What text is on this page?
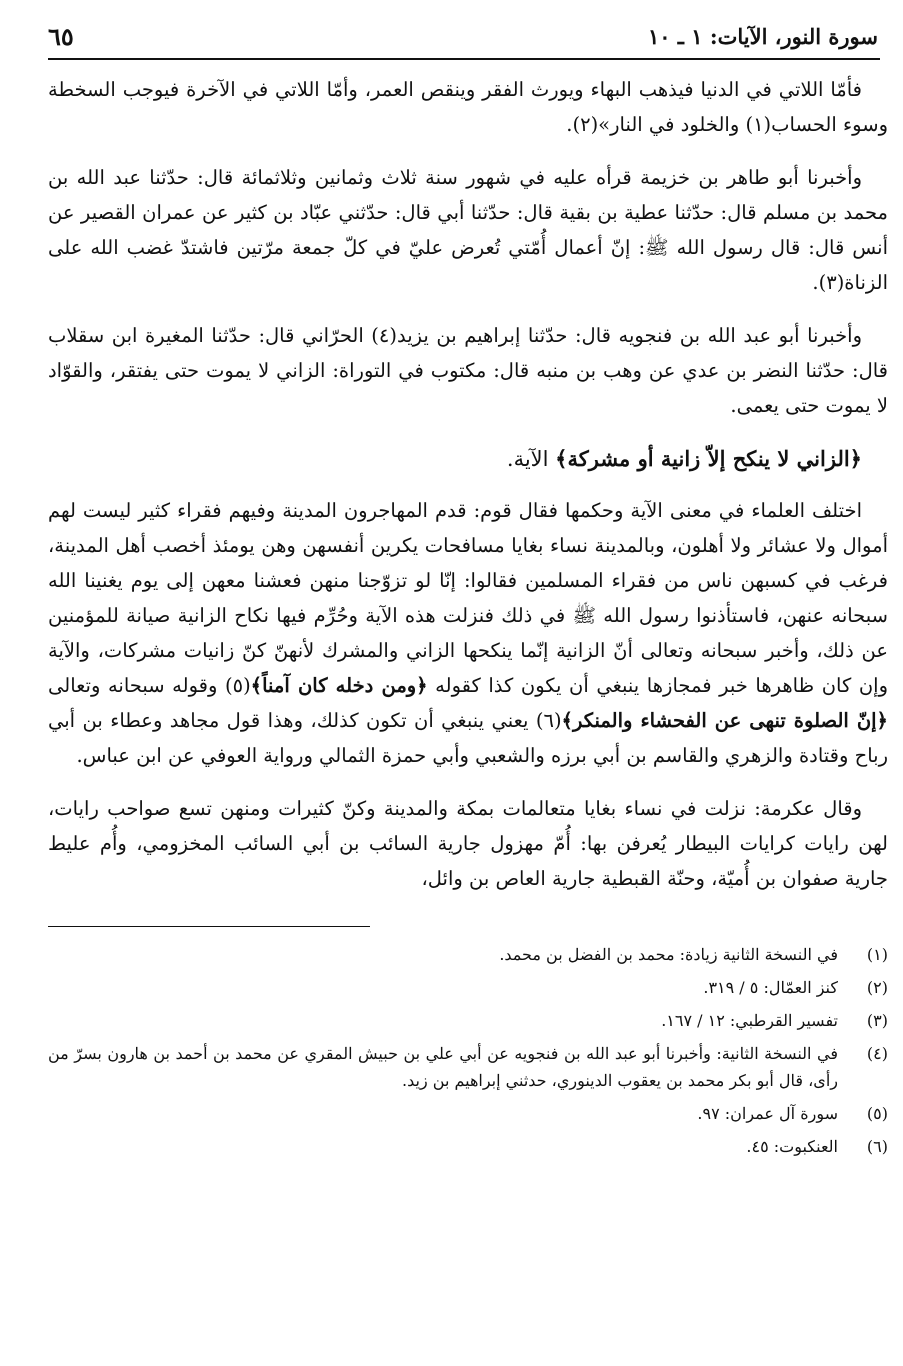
سورة النور، الآيات: ١ ـ ١٠
٦٥

فأمّا اللاتي في الدنيا فيذهب البهاء ويورث الفقر وينقص العمر، وأمّا اللاتي في الآخرة فيوجب السخطة وسوء الحساب(١) والخلود في النار»(٢).

وأخبرنا أبو طاهر بن خزيمة قرأه عليه في شهور سنة ثلاث وثمانين وثلاثمائة قال: حدّثنا عبد الله بن محمد بن مسلم قال: حدّثنا عطية بن بقية قال: حدّثنا أبي قال: حدّثني عبّاد بن كثير عن عمران القصير عن أنس قال: قال رسول الله ﷺ: إنّ أعمال أُمّتي تُعرض عليّ في كلّ جمعة مرّتين فاشتدّ غضب الله على الزناة(٣).

وأخبرنا أبو عبد الله بن فنجويه قال: حدّثنا إبراهيم بن يزيد(٤) الحرّاني قال: حدّثنا المغيرة ابن سقلاب قال: حدّثنا النضر بن عدي عن وهب بن منبه قال: مكتوب في التوراة: الزاني لا يموت حتى يفتقر، والقوّاد لا يموت حتى يعمى.

﴿الزاني لا ينكح إلاّ زانية أو مشركة﴾ الآية.

اختلف العلماء في معنى الآية وحكمها فقال قوم: قدم المهاجرون المدينة وفيهم فقراء كثير ليست لهم أموال ولا عشائر ولا أهلون، وبالمدينة نساء بغايا مسافحات يكرين أنفسهن وهن يومئذ أخصب أهل المدينة، فرغب في كسبهن ناس من فقراء المسلمين فقالوا: إنّا لو تزوّجنا منهن فعشنا معهن إلى يوم يغنينا الله سبحانه عنهن، فاستأذنوا رسول الله ﷺ في ذلك فنزلت هذه الآية وحُرِّم فيها نكاح الزانية صيانة للمؤمنين عن ذلك، وأخبر سبحانه وتعالى أنّ الزانية إنّما ينكحها الزاني والمشرك لأنهنّ كنّ زانيات مشركات، والآية وإن كان ظاهرها خبر فمجازها ينبغي أن يكون كذا كقوله ﴿ومن دخله كان آمناً﴾(٥) وقوله سبحانه وتعالى ﴿إنّ الصلوة تنهى عن الفحشاء والمنكر﴾(٦) يعني ينبغي أن تكون كذلك، وهذا قول مجاهد وعطاء بن أبي رباح وقتادة والزهري والقاسم بن أبي برزه والشعبي وأبي حمزة الثمالي ورواية العوفي عن ابن عباس.

وقال عكرمة: نزلت في نساء بغايا متعالمات بمكة والمدينة وكنّ كثيرات ومنهن تسع صواحب رايات، لهن رايات كرايات البيطار يُعرفن بها: أُمّ مهزول جارية السائب بن أبي السائب المخزومي، وأُم عليط جارية صفوان بن أُميّة، وحنّة القبطية جارية العاص بن وائل،

(١)
في النسخة الثانية زيادة: محمد بن الفضل بن محمد.
(٢)
كنز العمّال: ٥ / ٣١٩.
(٣)
تفسير القرطبي: ١٢ / ١٦٧.
(٤)
في النسخة الثانية: وأخبرنا أبو عبد الله بن فنجويه عن أبي علي بن حبيش المقري عن محمد بن أحمد بن هارون بسرّ من رأى، قال أبو بكر محمد بن يعقوب الدينوري، حدثني إبراهيم بن زيد.
(٥)
سورة آل عمران: ٩٧.
(٦)
العنكبوت: ٤٥.
